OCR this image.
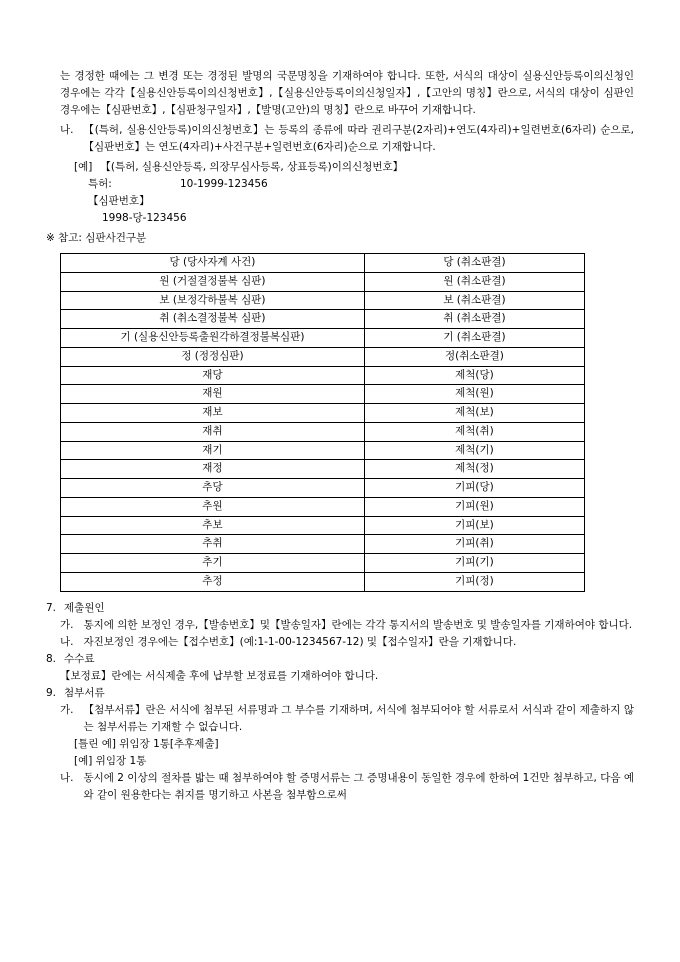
는 경정한 때에는 그 변경 또는 경정된 발명의 국문명칭을 기재하여야 합니다. 또한, 서식의 대상이 실용신안등록이의신청인 경우에는 각각【실용신안등록이의신청번호】,【실용신안등록이의신청일자】,【고안의 명칭】란으로, 서식의 대상이 심판인 경우에는【심판번호】,【심판청구일자】,【발명(고안)의 명칭】란으로 바꾸어 기재합니다.

나. 【(특허, 실용신안등록)이의신청번호】는 등록의 종류에 따라 권리구분(2자리)+연도(4자리)+일련번호(6자리) 순으로,【심판번호】는 연도(4자리)+사건구분+일련번호(6자리)순으로 기재합니다.
[예] 【(특허, 실용신안등록, 의장무심사등록, 상표등록)이의신청번호】
특허:	10-1999-123456
【심판번호】
1998-당-123456
※ 참고: 심판사건구분
당 (당사자계 사건)	당 (취소판결)
원 (거절결정불복 심판)	원 (취소판결)
보 (보정각하불복 심판)	보 (취소판결)
취 (취소결정불복 심판)	취 (취소판결)
기 (실용신안등록출원각하결정불복심판)	기 (취소판결)
정 (정정심판)	정(취소판결)
재당	제척(당)
재원	제척(원)
재보	제척(보)
재취	제척(취)
재기	제척(기)
재정	제척(정)
추당	기피(당)
추원	기피(원)
추보	기피(보)
추취	기피(취)
추기	기피(기)
추정	기피(정)
7. 제출원인
가. 통지에 의한 보정인 경우,【발송번호】및【발송일자】란에는 각각 통지서의 발송번호 및 발송일자를 기재하여야 합니다.
나. 자진보정인 경우에는【접수번호】(예:1-1-00-1234567-12) 및【접수일자】란을 기재합니다.
8. 수수료
【보정료】란에는 서식제출 후에 납부할 보정료를 기재하여야 합니다.
9. 첨부서류
가. 【첨부서류】란은 서식에 첨부된 서류명과 그 부수를 기재하며, 서식에 첨부되어야 할 서류로서 서식과 같이 제출하지 않는 첨부서류는 기재할 수 없습니다.
[틀린 예] 위임장 1통[추후제출]
[예] 위임장 1통
나. 동시에 2 이상의 절차를 밟는 때 첨부하여야 할 증명서류는 그 증명내용이 동일한 경우에 한하여 1건만 첨부하고, 다음 예와 같이 원용한다는 취지를 명기하고 사본을 첨부함으로써
